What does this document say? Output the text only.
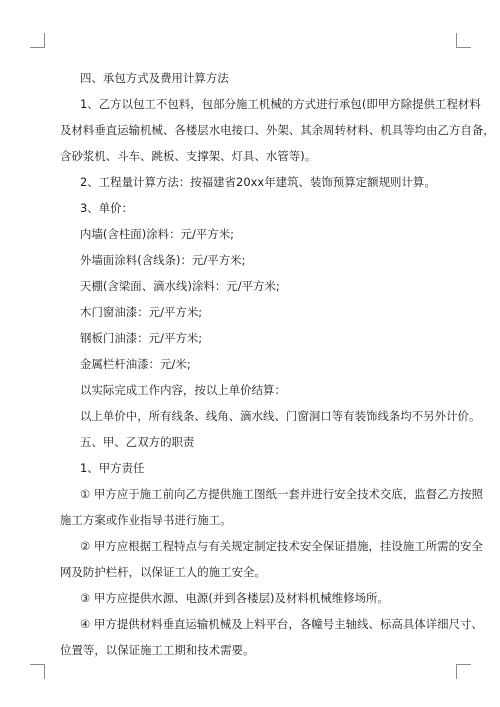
四、承包方式及费用计算方法
1、乙方以包工不包料，包部分施工机械的方式进行承包(即甲方除提供工程材料
及材料垂直运输机械、各楼层水电接口、外架、其余周转材料、机具等均由乙方自备，
含砂浆机、斗车、跳板、支撑架、灯具、水管等)。
2、工程量计算方法：按福建省20xx年建筑、装饰预算定额规则计算。
3、单价：
内墙(含柱面)涂料：元/平方米;
外墙面涂料(含线条)：元/平方米;
天棚(含梁面、滴水线)涂料：元/平方米;
木门窗油漆：元/平方米;
钢板门油漆：元/平方米;
金属栏杆油漆：元/米;
以实际完成工作内容，按以上单价结算：
以上单价中，所有线条、线角、滴水线、门窗洞口等有装饰线条均不另外计价。
五、甲、乙双方的职责
1、甲方责任
① 甲方应于施工前向乙方提供施工图纸一套并进行安全技术交底，监督乙方按照
施工方案或作业指导书进行施工。
② 甲方应根据工程特点与有关规定制定技术安全保证措施，挂设施工所需的安全
网及防护栏杆，以保证工人的施工安全。
③ 甲方应提供水源、电源(并到各楼层)及材料机械维修场所。
④ 甲方提供材料垂直运输机械及上料平台，各幢号主轴线、标高具体详细尺寸、
位置等，以保证施工工期和技术需要。
